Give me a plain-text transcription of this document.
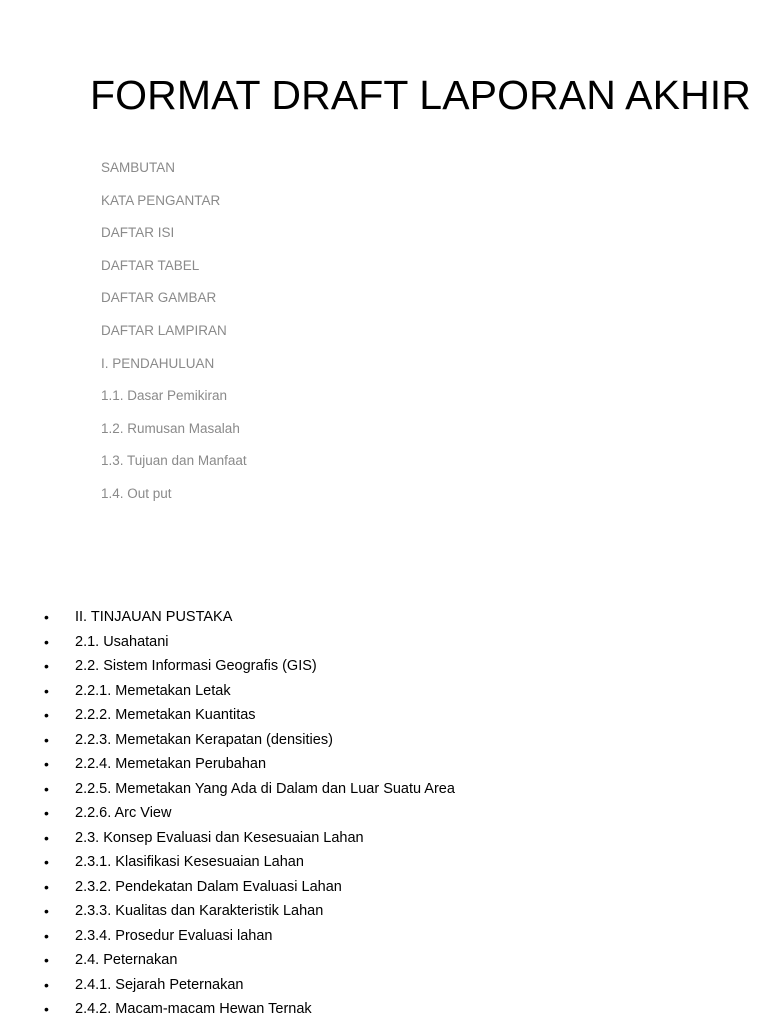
FORMAT DRAFT LAPORAN AKHIR
SAMBUTAN
KATA PENGANTAR
DAFTAR ISI
DAFTAR TABEL
DAFTAR GAMBAR
DAFTAR LAMPIRAN
I. PENDAHULUAN
1.1. Dasar Pemikiran
1.2. Rumusan Masalah
1.3. Tujuan dan Manfaat
1.4. Out put
• II. TINJAUAN PUSTAKA
• 2.1. Usahatani
• 2.2. Sistem Informasi Geografis (GIS)
• 2.2.1. Memetakan Letak
• 2.2.2. Memetakan Kuantitas
• 2.2.3. Memetakan Kerapatan (densities)
• 2.2.4. Memetakan Perubahan
• 2.2.5. Memetakan Yang Ada di Dalam dan Luar Suatu Area
• 2.2.6. Arc View
• 2.3. Konsep Evaluasi dan Kesesuaian Lahan
• 2.3.1. Klasifikasi Kesesuaian Lahan
• 2.3.2. Pendekatan Dalam Evaluasi Lahan
• 2.3.3. Kualitas dan Karakteristik Lahan
• 2.3.4. Prosedur Evaluasi lahan
• 2.4. Peternakan
• 2.4.1. Sejarah Peternakan
• 2.4.2. Macam-macam Hewan Ternak
